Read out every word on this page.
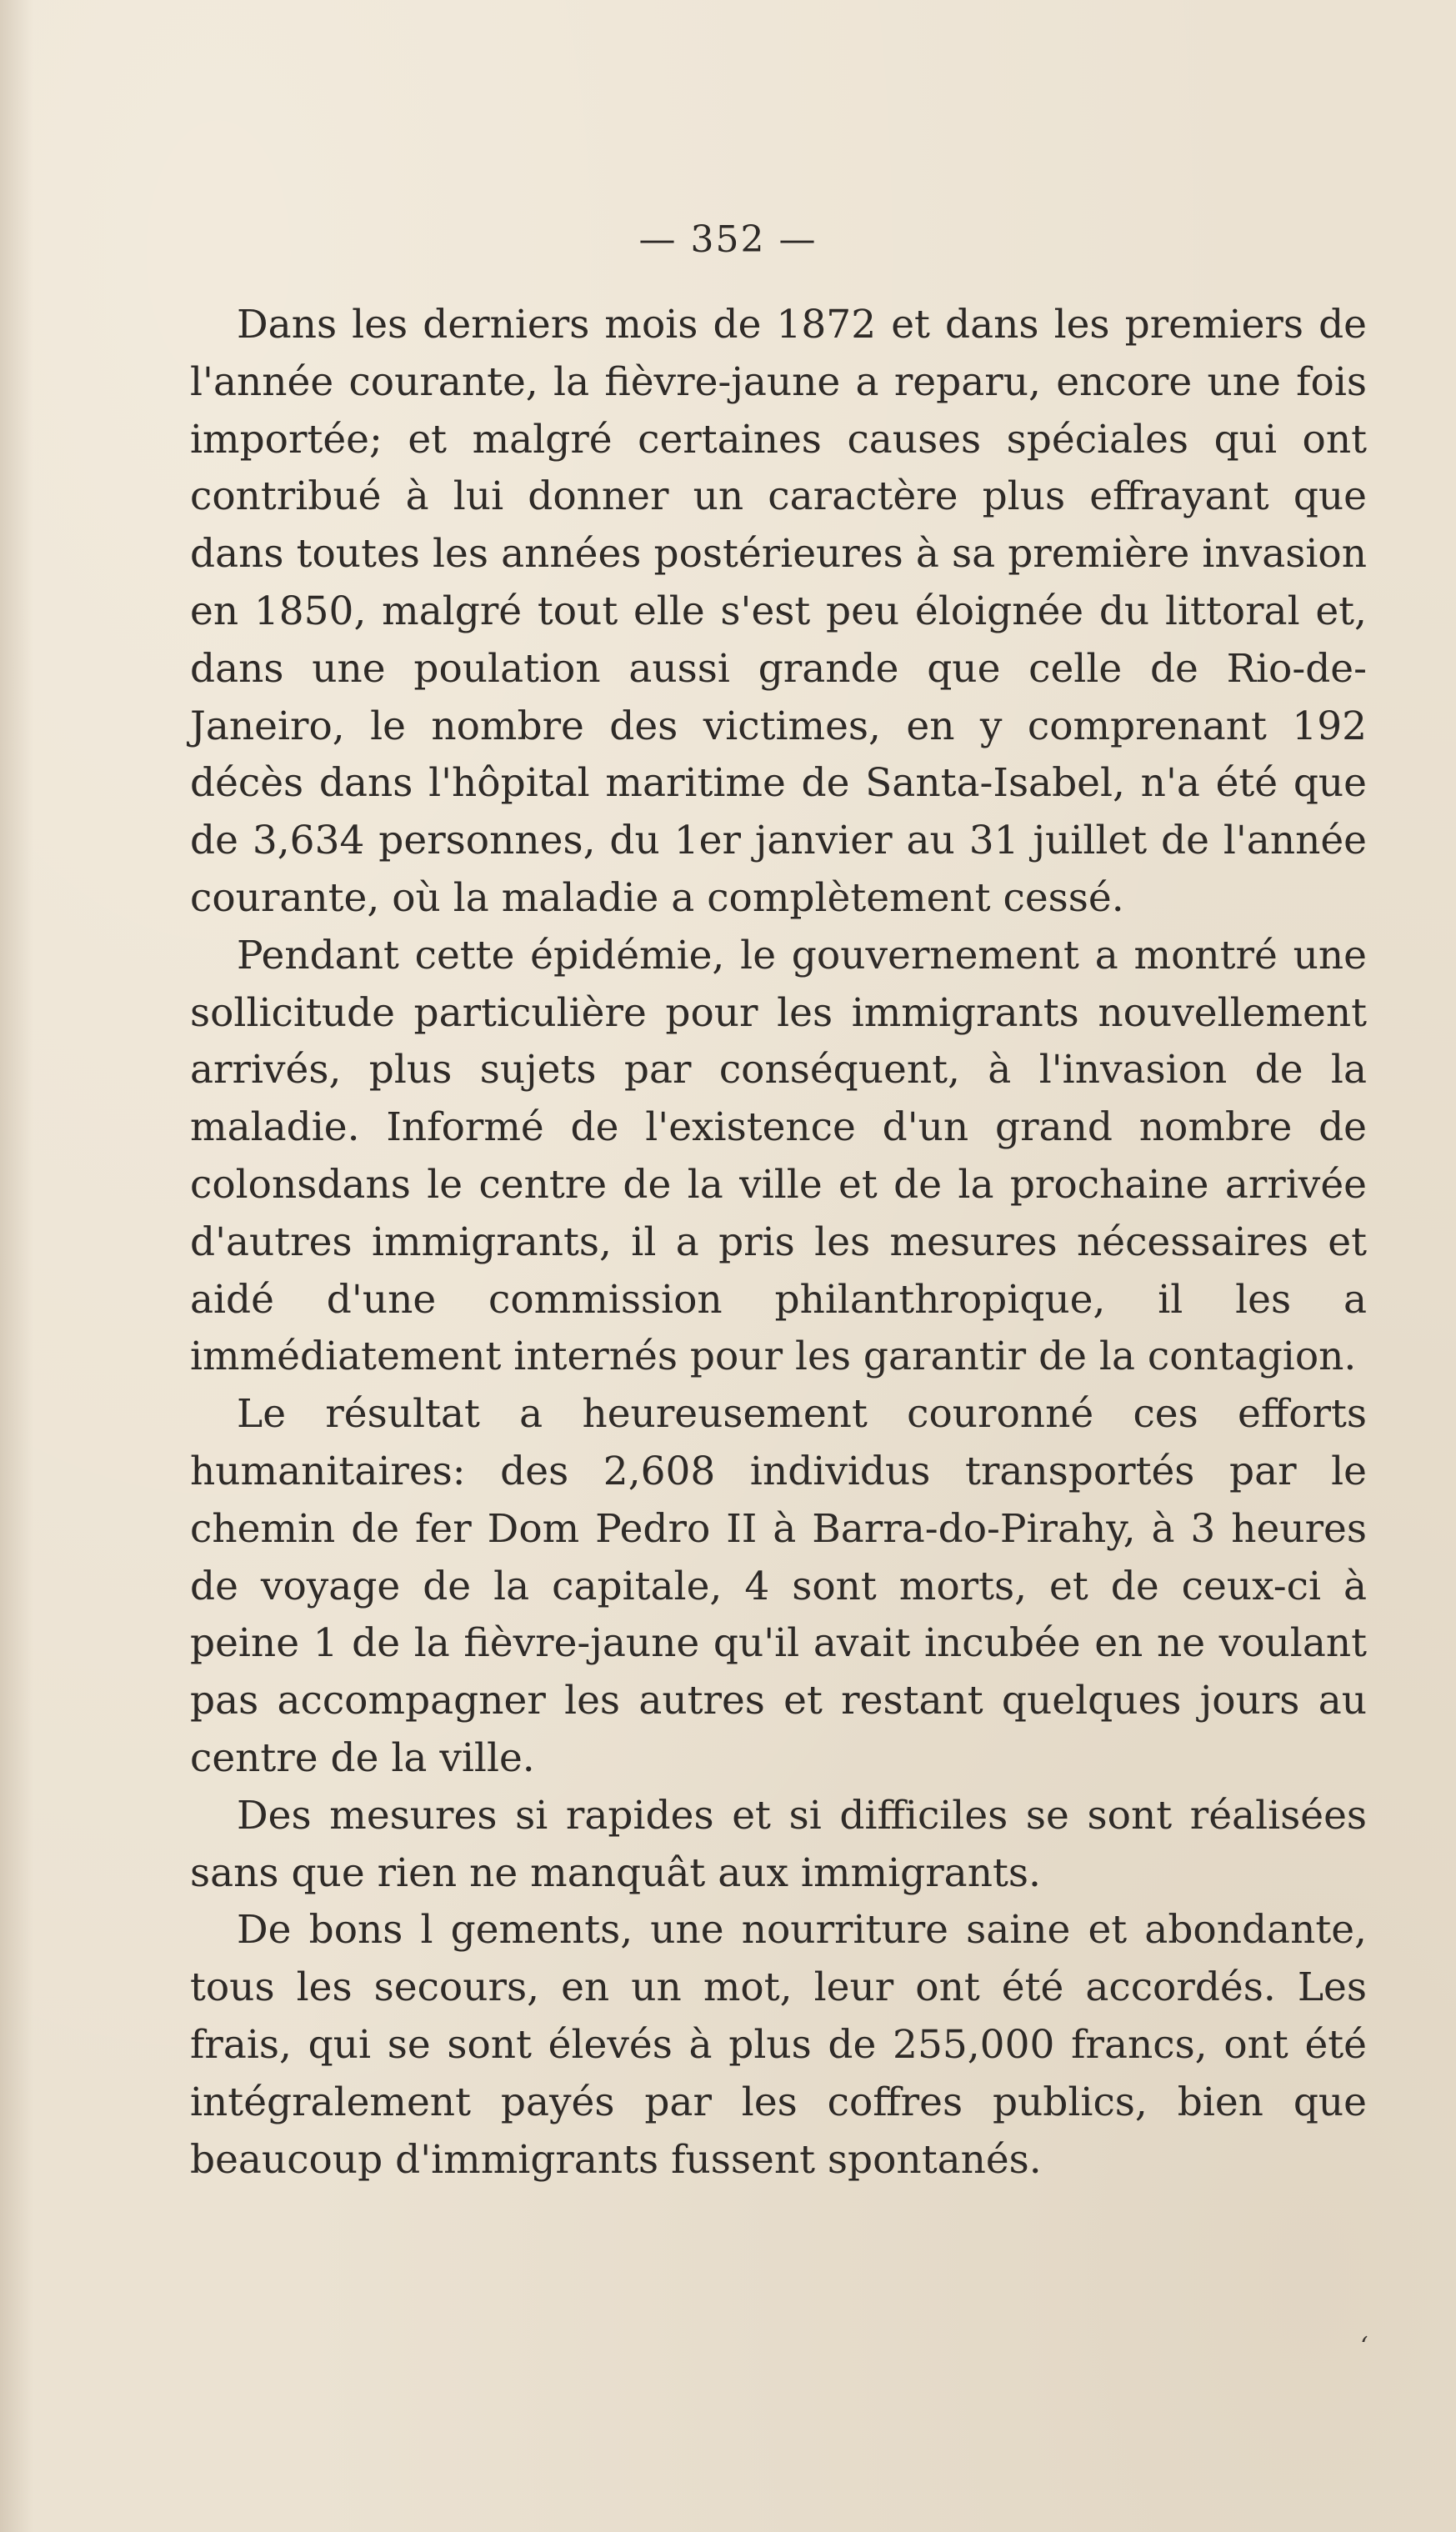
— 352 —

Dans les derniers mois de 1872 et dans les premiers de l'année courante, la fièvre-jaune a reparu, encore une fois importée; et malgré certaines causes spéciales qui ont contribué à lui donner un caractère plus effrayant que dans toutes les années postérieures à sa première invasion en 1850, malgré tout elle s'est peu éloignée du littoral et, dans une poulation aussi grande que celle de Rio-de-Janeiro, le nombre des victimes, en y comprenant 192 décès dans l'hôpital maritime de Santa-Isabel, n'a été que de 3,634 personnes, du 1er janvier au 31 juillet de l'année courante, où la maladie a complètement cessé.

Pendant cette épidémie, le gouvernement a montré une sollicitude particulière pour les immigrants nouvellement arrivés, plus sujets par conséquent, à l'invasion de la maladie. Informé de l'existence d'un grand nombre de colonsdans le centre de la ville et de la prochaine arrivée d'autres immigrants, il a pris les mesures nécessaires et aidé d'une commission philanthropique, il les a immédiatement internés pour les garantir de la contagion.

Le résultat a heureusement couronné ces efforts humanitaires: des 2,608 individus transportés par le chemin de fer Dom Pedro II à Barra-do-Pirahy, à 3 heures de voyage de la capitale, 4 sont morts, et de ceux-ci à peine 1 de la fièvre-jaune qu'il avait incubée en ne voulant pas accompagner les autres et restant quelques jours au centre de la ville.

Des mesures si rapides et si difficiles se sont réalisées sans que rien ne manquât aux immigrants.

De bons l gements, une nourriture saine et abondante, tous les secours, en un mot, leur ont été accordés. Les frais, qui se sont élevés à plus de 255,000 francs, ont été intégralement payés par les coffres publics, bien que beaucoup d'immigrants fussent spontanés.

ʻ
